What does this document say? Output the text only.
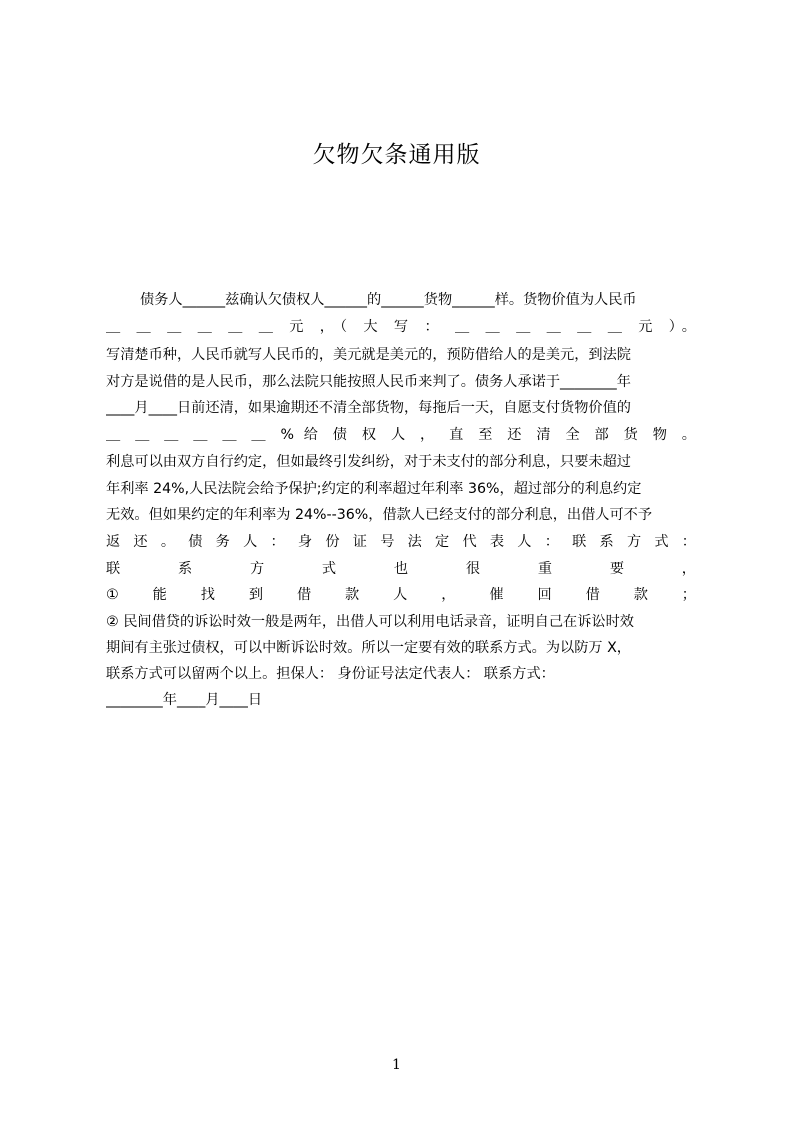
欠物欠条通用版
债务人______兹确认欠债权人______的______货物______样。货物价值为人民币
＿ ＿ ＿ ＿ ＿ ＿ 元 ，（ 大 写 ： ＿ ＿ ＿ ＿ ＿ ＿ 元 ）。
写清楚币种，人民币就写人民币的，美元就是美元的，预防借给人的是美元，到法院
对方是说借的是人民币，那么法院只能按照人民币来判了。债务人承诺于________年
____月____日前还清，如果逾期还不清全部货物，每拖后一天，自愿支付货物价值的
＿ ＿ ＿ ＿ ＿ ＿ % 给 债 权 人 ， 直 至 还 清 全 部 货 物 。
利息可以由双方自行约定，但如最终引发纠纷，对于未支付的部分利息，只要未超过
年利率 24%,人民法院会给予保护;约定的利率超过年利率 36%，超过部分的利息约定
无效。但如果约定的年利率为 24%--36%，借款人已经支付的部分利息，出借人可不予
返 还 。 债 务 人 ： 身 份 证 号 法 定 代 表 人 ： 联 系 方 式 ：
联 系 方 式 也 很 重 要 ，
① 能 找 到 借 款 人 ， 催 回 借 款 ；
② 民间借贷的诉讼时效一般是两年，出借人可以利用电话录音，证明自己在诉讼时效
期间有主张过债权，可以中断诉讼时效。所以一定要有效的联系方式。为以防万 X，
联系方式可以留两个以上。担保人： 身份证号法定代表人： 联系方式：
________年____月____日
1
